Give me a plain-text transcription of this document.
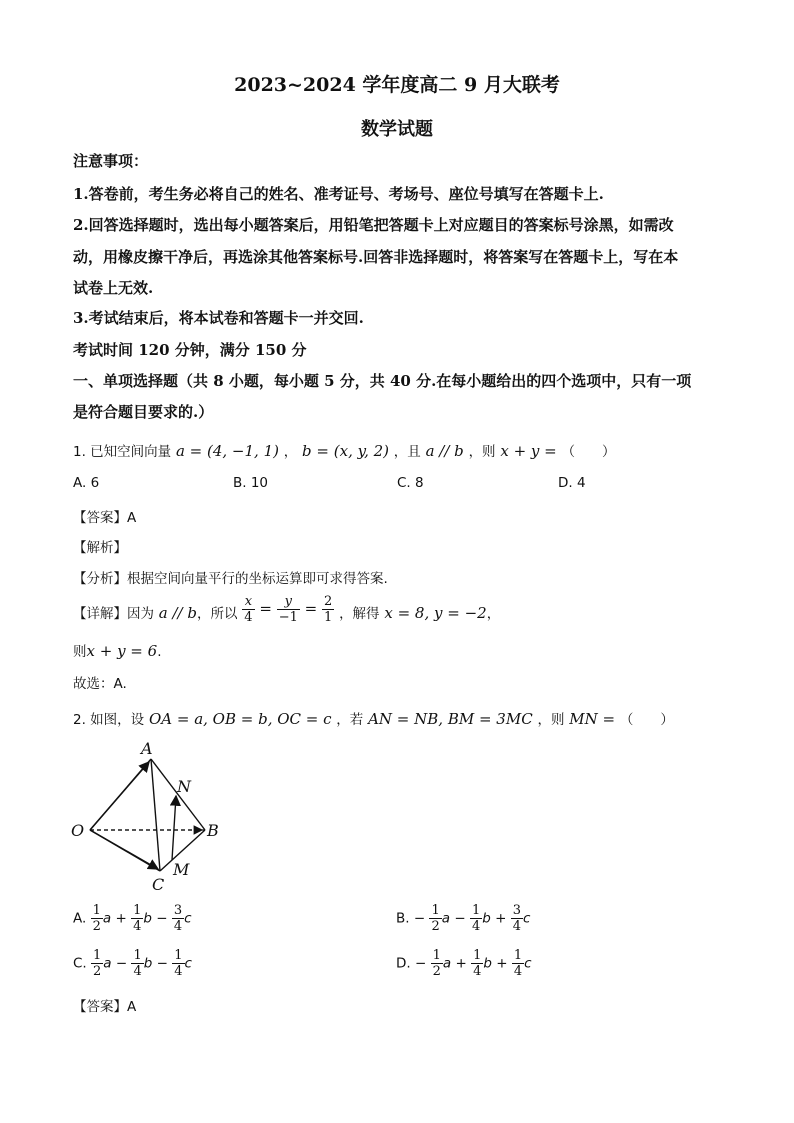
2023~2024 学年度高二 9 月大联考
数学试题
注意事项：
1.答卷前，考生务必将自己的姓名、准考证号、考场号、座位号填写在答题卡上.
2.回答选择题时，选出每小题答案后，用铅笔把答题卡上对应题目的答案标号涂黑，如需改
动，用橡皮擦干净后，再选涂其他答案标号.回答非选择题时，将答案写在答题卡上，写在本
试卷上无效.
3.考试结束后，将本试卷和答题卡一并交回.
考试时间 120 分钟，满分 150 分
一、单项选择题（共 8 小题，每小题 5 分，共 40 分.在每小题给出的四个选项中，只有一项
是符合题目要求的.）
1. 已知空间向量 a = (4, −1, 1) ， b = (x, y, 2) ，且 a // b ，则 x + y = （　　）
A. 6	B. 10	C. 8	D. 4
【答案】A
【解析】
【分析】根据空间向量平行的坐标运算即可求得答案.
【详解】因为 a // b，所以 $\frac{x}{4} = \frac{y}{-1} = \frac{2}{1}$ ，解得 x = 8, y = −2，
则x + y = 6.
故选：A.
2. 如图，设 OA = a, OB = b, OC = c ，若 AN = NB, BM = 3MC ，则 MN = （　　）
A
N
O	B
M
C
A. $\frac{1}{2}$ $a + \frac{1}{4}$ $b - \frac{3}{4}$ c	B. − $\frac{1}{2}$ $a - \frac{1}{4}$ $b + \frac{3}{4}$ c
C. $\frac{1}{2}$ $a - \frac{1}{4}$ $b - \frac{1}{4}$ c	D. − $\frac{1}{2}$ $a + \frac{1}{4}$ $b + \frac{1}{4}$ c
【答案】A
